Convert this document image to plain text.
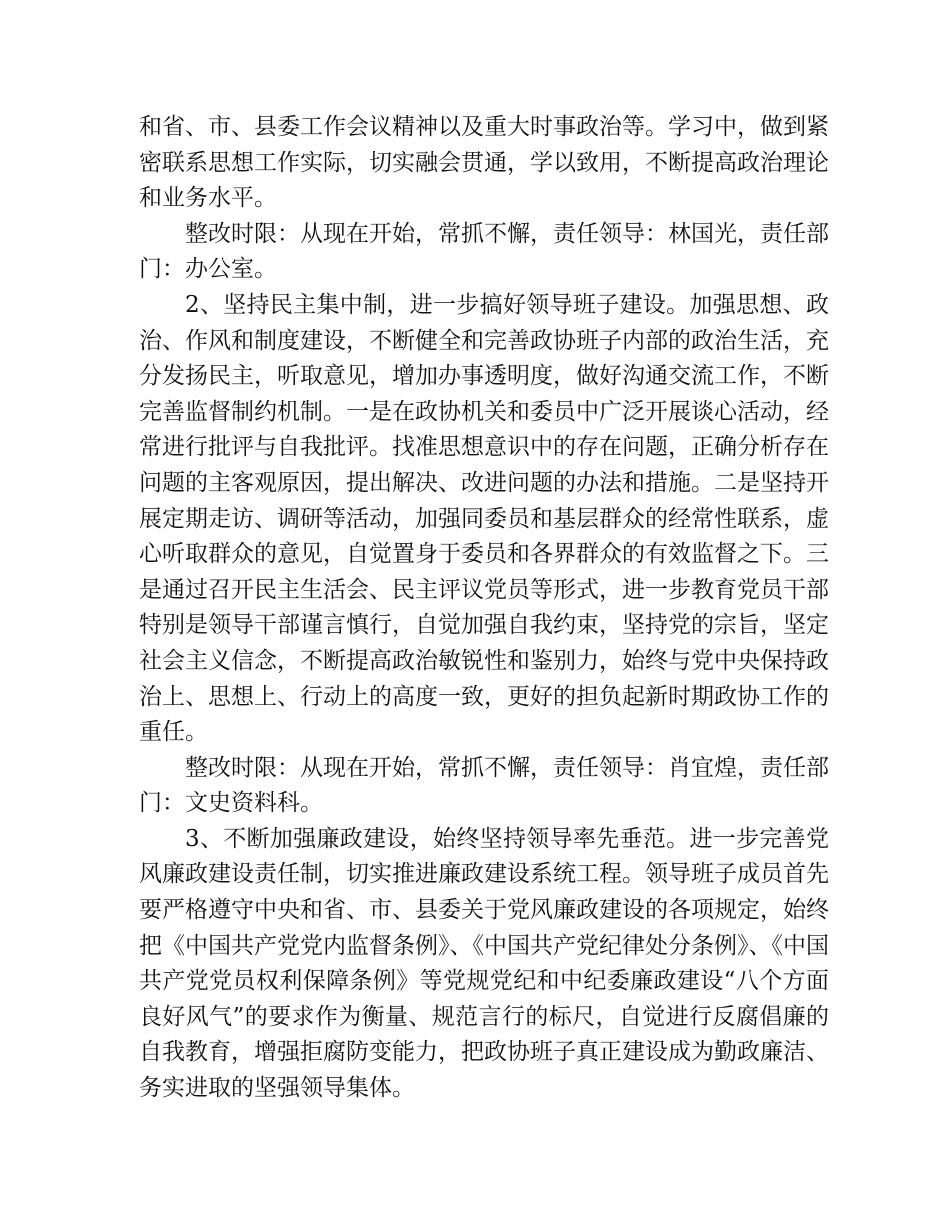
和省、市、县委工作会议精神以及重大时事政治等。学习中，做到紧密联系思想工作实际，切实融会贯通，学以致用，不断提高政治理论和业务水平。

整改时限：从现在开始，常抓不懈，责任领导：林国光，责任部门：办公室。

2、坚持民主集中制，进一步搞好领导班子建设。加强思想、政治、作风和制度建设，不断健全和完善政协班子内部的政治生活，充分发扬民主，听取意见，增加办事透明度，做好沟通交流工作，不断完善监督制约机制。一是在政协机关和委员中广泛开展谈心活动，经常进行批评与自我批评。找准思想意识中的存在问题，正确分析存在问题的主客观原因，提出解决、改进问题的办法和措施。二是坚持开展定期走访、调研等活动，加强同委员和基层群众的经常性联系，虚心听取群众的意见，自觉置身于委员和各界群众的有效监督之下。三是通过召开民主生活会、民主评议党员等形式，进一步教育党员干部特别是领导干部谨言慎行，自觉加强自我约束，坚持党的宗旨，坚定社会主义信念，不断提高政治敏锐性和鉴别力，始终与党中央保持政治上、思想上、行动上的高度一致，更好的担负起新时期政协工作的重任。

整改时限：从现在开始，常抓不懈，责任领导：肖宜煌，责任部门：文史资料科。

3、不断加强廉政建设，始终坚持领导率先垂范。进一步完善党风廉政建设责任制，切实推进廉政建设系统工程。领导班子成员首先要严格遵守中央和省、市、县委关于党风廉政建设的各项规定，始终把《中国共产党党内监督条例》、《中国共产党纪律处分条例》、《中国共产党党员权利保障条例》等党规党纪和中纪委廉政建设“八个方面良好风气”的要求作为衡量、规范言行的标尺，自觉进行反腐倡廉的自我教育，增强拒腐防变能力，把政协班子真正建设成为勤政廉洁、务实进取的坚强领导集体。
